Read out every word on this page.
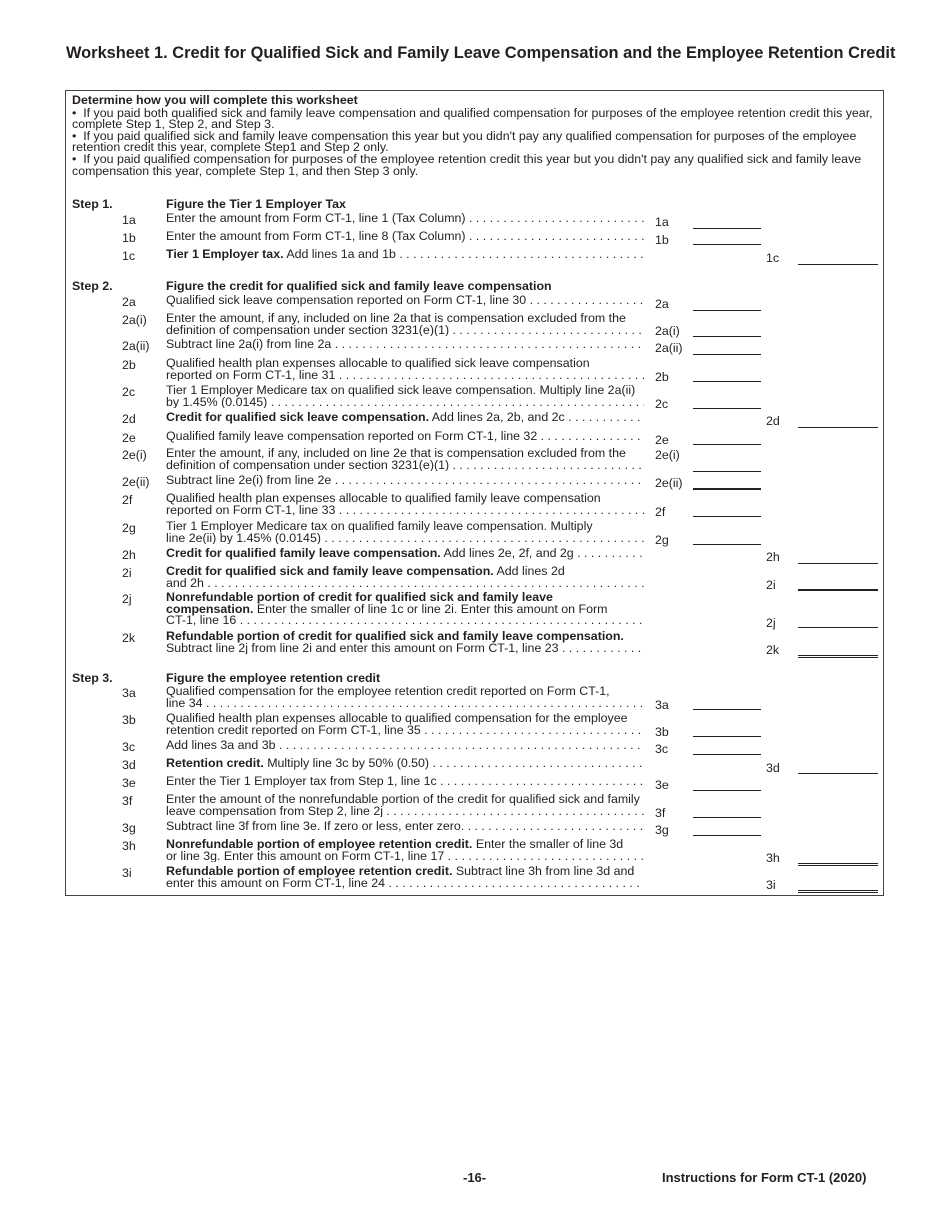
Worksheet 1. Credit for Qualified Sick and Family Leave Compensation and the Employee Retention Credit
Determine how you will complete this worksheet

•  If you paid both qualified sick and family leave compensation and qualified compensation for purposes of the employee retention credit this year, complete Step 1, Step 2, and Step 3.

•  If you paid qualified sick and family leave compensation this year but you didn't pay any qualified compensation for purposes of the employee retention credit this year, complete Step1 and Step 2 only.

•  If you paid qualified compensation for purposes of the employee retention credit this year but you didn't pay any qualified sick and family leave compensation this year, complete Step 1, and then Step 3 only.

Step 1.	Figure the Tier 1 Employer Tax
1a Enter the amount from Form CT-1, line 1 (Tax Column) . . .	1a
1b Enter the amount from Form CT-1, line 8 (Tax Column) . . .	1b
1c Tier 1 Employer tax. Add lines 1a and 1b . . .	1c
Step 2.	Figure the credit for qualified sick and family leave compensation
2a Qualified sick leave compensation reported on Form CT-1, line 30 . . .	2a
2a(i) Enter the amount, if any, included on line 2a that is compensation excluded from the
definition of compensation under section 3231(e)(1) . . .	2a(i)
2a(ii) Subtract line 2a(i) from line 2a . . .	2a(ii)
2b Qualified health plan expenses allocable to qualified sick leave compensation
reported on Form CT-1, line 31 . . .	2b
2c Tier 1 Employer Medicare tax on qualified sick leave compensation. Multiply line 2a(ii)
by 1.45% (0.0145) . . .	2c
2d Credit for qualified sick leave compensation. Add lines 2a, 2b, and 2c . . .	2d
2e Qualified family leave compensation reported on Form CT-1, line 32 . . .	2e
2e(i) Enter the amount, if any, included on line 2e that is compensation excluded from the
definition of compensation under section 3231(e)(1) . . .
2e(i)
2e(ii) Subtract line 2e(i) from line 2e . . .	2e(ii)
2f	Qualified health plan expenses allocable to qualified family leave compensation
reported on Form CT-1, line 33 . . .	2f
2g Tier 1 Employer Medicare tax on qualified family leave compensation. Multiply
line 2e(ii) by 1.45% (0.0145) . . .	2g
2h Credit for qualified family leave compensation. Add lines 2e, 2f, and 2g . . .	2h
2i	Credit for qualified sick and family leave compensation. Add lines 2d
and 2h . . .	2i
2j	Nonrefundable portion of credit for qualified sick and family leave
compensation. Enter the smaller of line 1c or line 2i. Enter this amount on Form
CT-1, line 16 . . .	2j
2k Refundable portion of credit for qualified sick and family leave compensation.
Subtract line 2j from line 2i and enter this amount on Form CT-1, line 23 . . .	2k
Step 3.	Figure the employee retention credit
3a Qualified compensation for the employee retention credit reported on Form CT-1,
line 34 . . .	3a
3b Qualified health plan expenses allocable to qualified compensation for the employee
retention credit reported on Form CT-1, line 35 . . .	3b
3c Add lines 3a and 3b . . .	3c
3d Retention credit. Multiply line 3c by 50% (0.50) . . .	3d
3e Enter the Tier 1 Employer tax from Step 1, line 1c . . .	3e
3f	Enter the amount of the nonrefundable portion of the credit for qualified sick and family
leave compensation from Step 2, line 2j . . .	3f
3g Subtract line 3f from line 3e. If zero or less, enter zero. . . .	3g
3h Nonrefundable portion of employee retention credit. Enter the smaller of line 3d
or line 3g. Enter this amount on Form CT-1, line 17 . . .	3h
3i	Refundable portion of employee retention credit. Subtract line 3h from line 3d and
enter this amount on Form CT-1, line 24 . . .	3i
-16-	Instructions for Form CT-1 (2020)
